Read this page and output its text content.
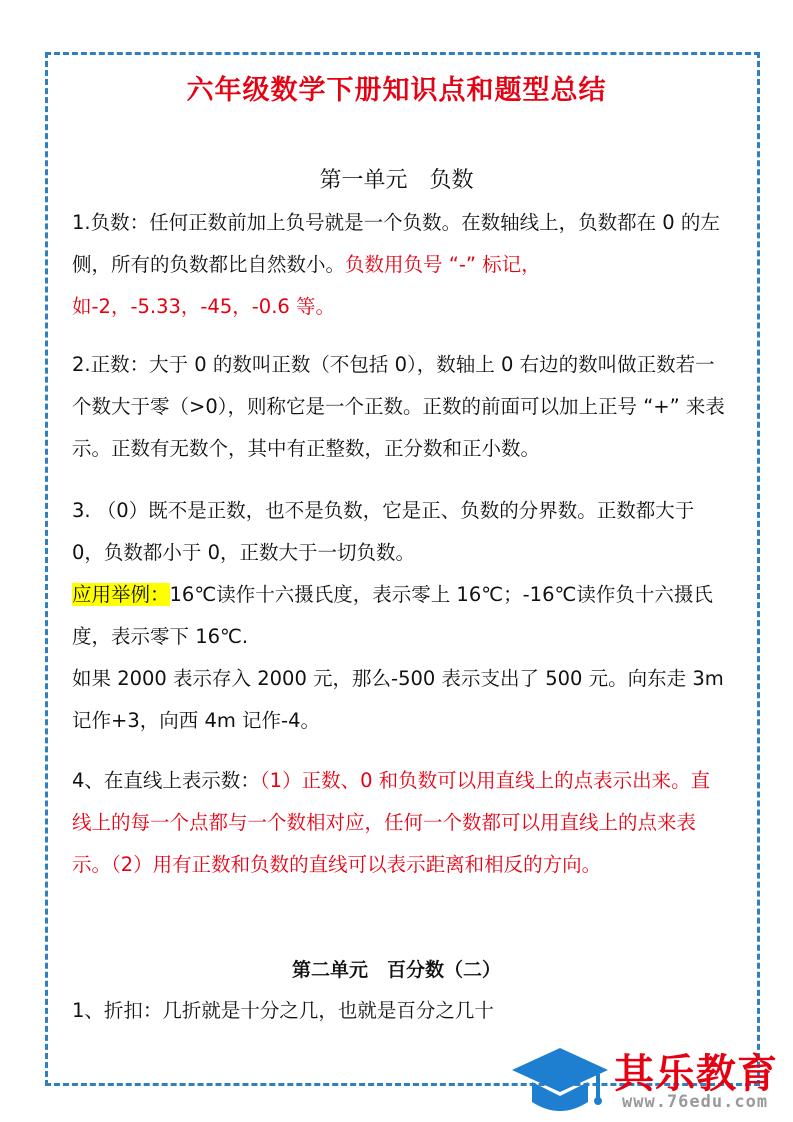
六年级数学下册知识点和题型总结
第一单元　负数

1.负数：任何正数前加上负号就是一个负数。在数轴线上，负数都在 0 的左侧，所有的负数都比自然数小。负数用负号 “-” 标记，如-2，-5.33，-45，-0.6 等。

2.正数：大于 0 的数叫正数（不包括 0），数轴上 0 右边的数叫做正数若一个数大于零（>0），则称它是一个正数。正数的前面可以加上正号 “+” 来表示。正数有无数个，其中有正整数，正分数和正小数。

3. （0）既不是正数，也不是负数，它是正、负数的分界数。正数都大于 0，负数都小于 0，正数大于一切负数。

应用举例：16℃读作十六摄氏度，表示零上 16℃；-16℃读作负十六摄氏度，表示零下 16℃.

如果 2000 表示存入 2000 元，那么-500 表示支出了 500 元。向东走 3m 记作+3，向西 4m 记作-4。

4、在直线上表示数：（1）正数、0 和负数可以用直线上的点表示出来。直线上的每一个点都与一个数相对应，任何一个数都可以用直线上的点来表示。（2）用有正数和负数的直线可以表示距离和相反的方向。

第二单元　百分数（二）

1、折扣：几折就是十分之几，也就是百分之几十

其乐教育
www.76edu.com
